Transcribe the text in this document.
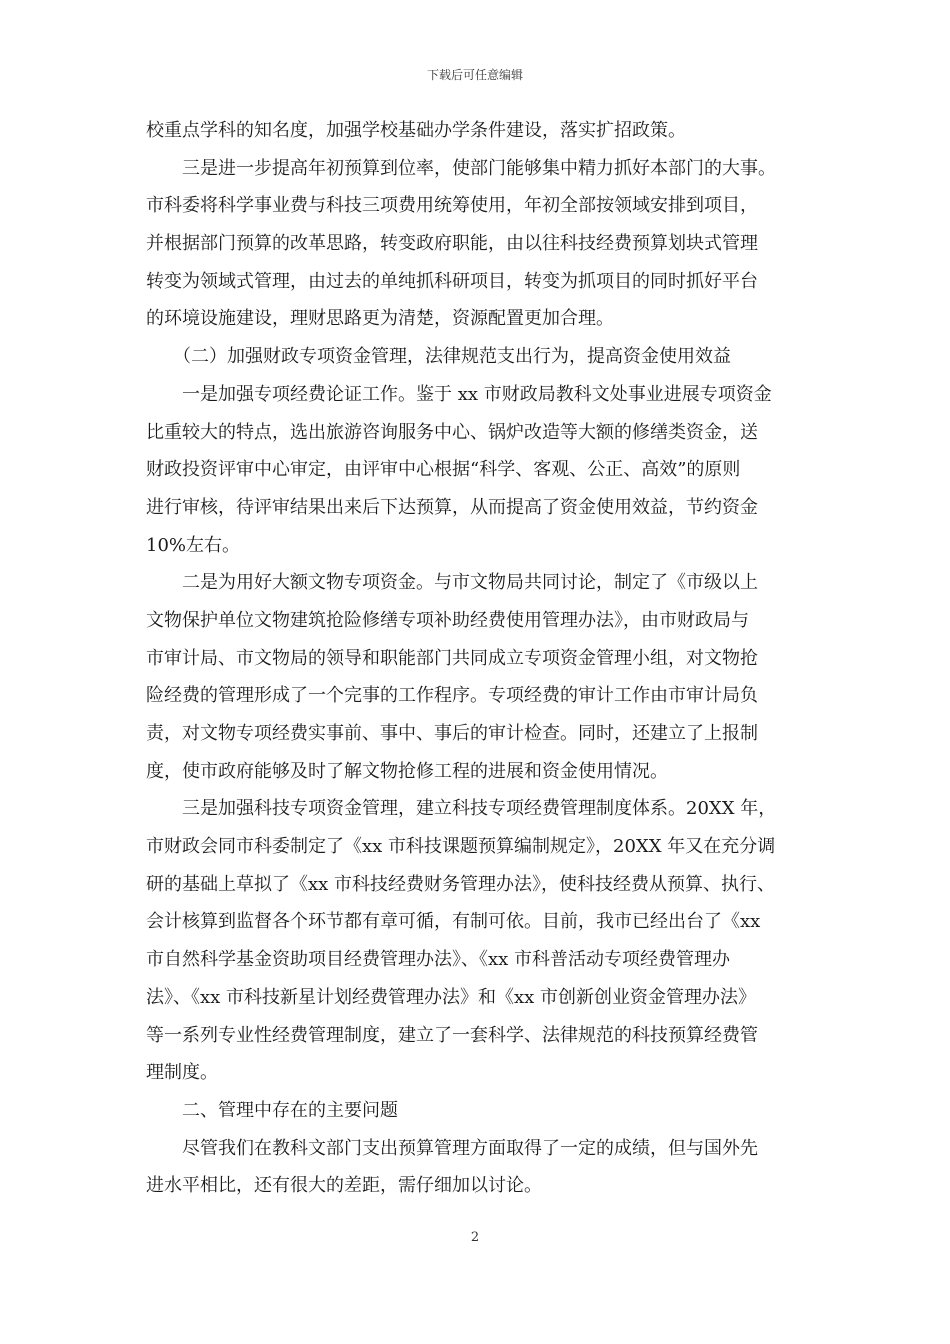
下载后可任意编辑
校重点学科的知名度，加强学校基础办学条件建设，落实扩招政策。
　　三是进一步提高年初预算到位率，使部门能够集中精力抓好本部门的大事。
市科委将科学事业费与科技三项费用统筹使用，年初全部按领域安排到项目，
并根据部门预算的改革思路，转变政府职能，由以往科技经费预算划块式管理
转变为领域式管理，由过去的单纯抓科研项目，转变为抓项目的同时抓好平台
的环境设施建设，理财思路更为清楚，资源配置更加合理。
　　（二）加强财政专项资金管理，法律规范支出行为，提高资金使用效益
　　一是加强专项经费论证工作。鉴于 xx 市财政局教科文处事业进展专项资金
比重较大的特点，选出旅游咨询服务中心、锅炉改造等大额的修缮类资金，送
财政投资评审中心审定，由评审中心根据“科学、客观、公正、高效”的原则
进行审核，待评审结果出来后下达预算，从而提高了资金使用效益，节约资金
10%左右。
　　二是为用好大额文物专项资金。与市文物局共同讨论，制定了《市级以上
文物保护单位文物建筑抢险修缮专项补助经费使用管理办法》，由市财政局与
市审计局、市文物局的领导和职能部门共同成立专项资金管理小组，对文物抢
险经费的管理形成了一个完事的工作程序。专项经费的审计工作由市审计局负
责，对文物专项经费实事前、事中、事后的审计检查。同时，还建立了上报制
度，使市政府能够及时了解文物抢修工程的进展和资金使用情况。
　　三是加强科技专项资金管理，建立科技专项经费管理制度体系。20XX 年，
市财政会同市科委制定了《xx 市科技课题预算编制规定》，20XX 年又在充分调
研的基础上草拟了《xx 市科技经费财务管理办法》，使科技经费从预算、执行、
会计核算到监督各个环节都有章可循，有制可依。目前，我市已经出台了《xx
市自然科学基金资助项目经费管理办法》、《xx 市科普活动专项经费管理办
法》、《xx 市科技新星计划经费管理办法》和《xx 市创新创业资金管理办法》
等一系列专业性经费管理制度，建立了一套科学、法律规范的科技预算经费管
理制度。
　　二、管理中存在的主要问题
　　尽管我们在教科文部门支出预算管理方面取得了一定的成绩，但与国外先
进水平相比，还有很大的差距，需仔细加以讨论。
2
